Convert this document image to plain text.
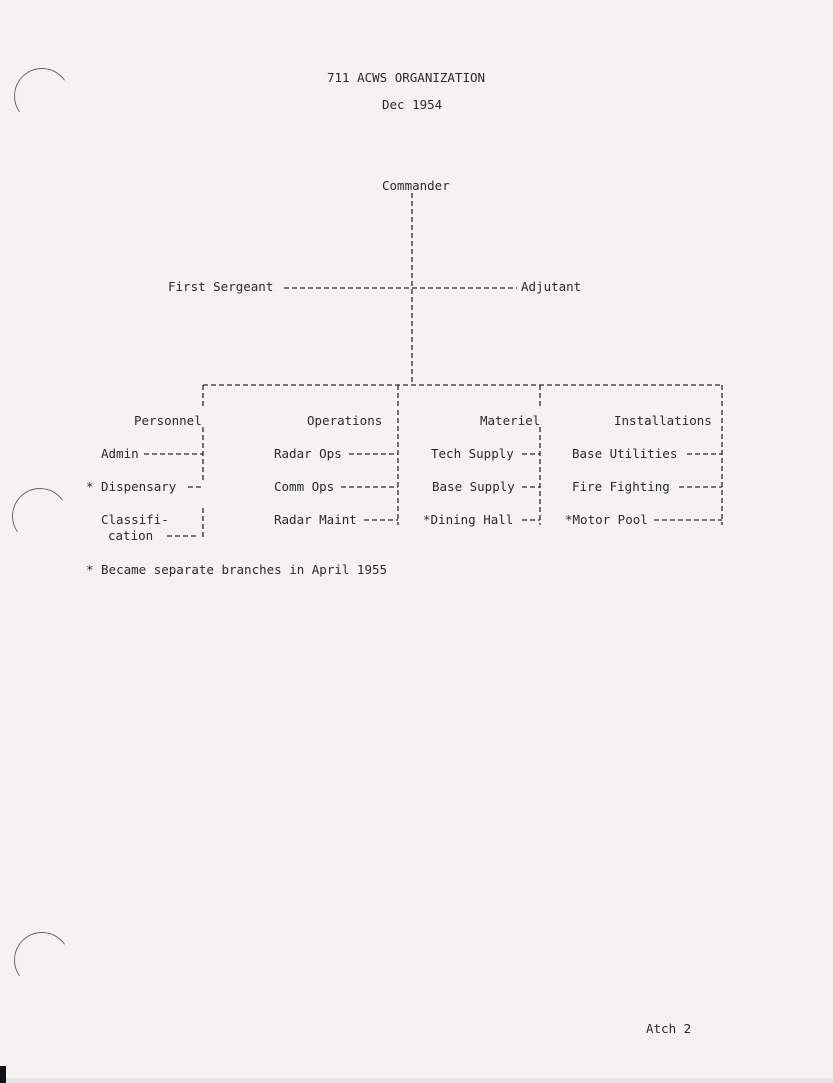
711 ACWS ORGANIZATION
Dec 1954
Commander
First Sergeant	Adjutant
Personnel	Operations	Materiel	Installations
Admin
* Dispensary
Classifi-
cation
Radar Ops
Comm Ops
Radar Maint
Tech Supply
Base Supply
*Dining Hall
Base Utilities
Fire Fighting
*Motor Pool
* Became separate branches in April 1955
Atch 2
